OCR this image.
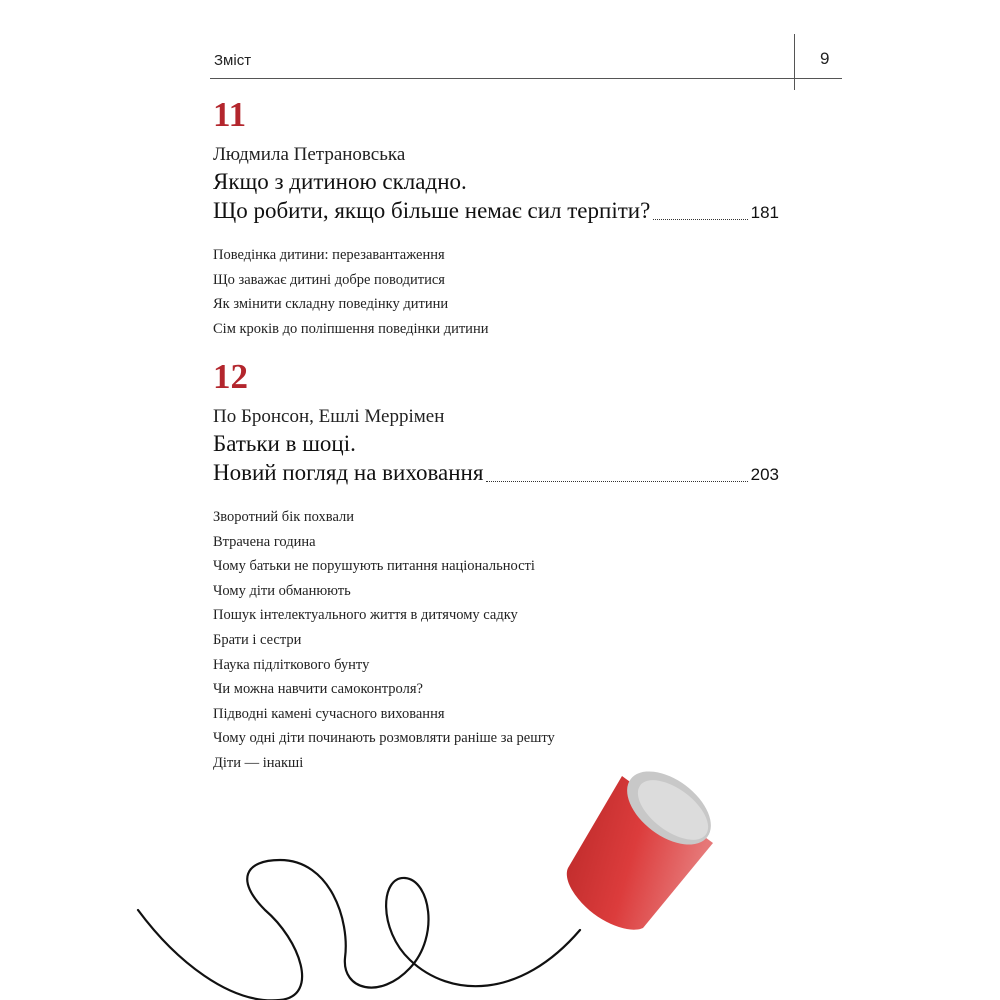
Зміст	9
11
Людмила Петрановська
Якщо з дитиною складно.
Що робити, якщо більше немає сил терпіти?	181
Поведінка дитини: перезавантаження
Що заважає дитині добре поводитися
Як змінити складну поведінку дитини
Сім кроків до поліпшення поведінки дитини
12
По Бронсон, Ешлі Меррімен
Батьки в шоці.
Новий погляд на виховання	203
Зворотний бік похвали
Втрачена година
Чому батьки не порушують питання національності
Чому діти обманюють
Пошук інтелектуального життя в дитячому садку
Брати і сестри
Наука підліткового бунту
Чи можна навчити самоконтроля?
Підводні камені сучасного виховання
Чому одні діти починають розмовляти раніше за решту
Діти — інакші
